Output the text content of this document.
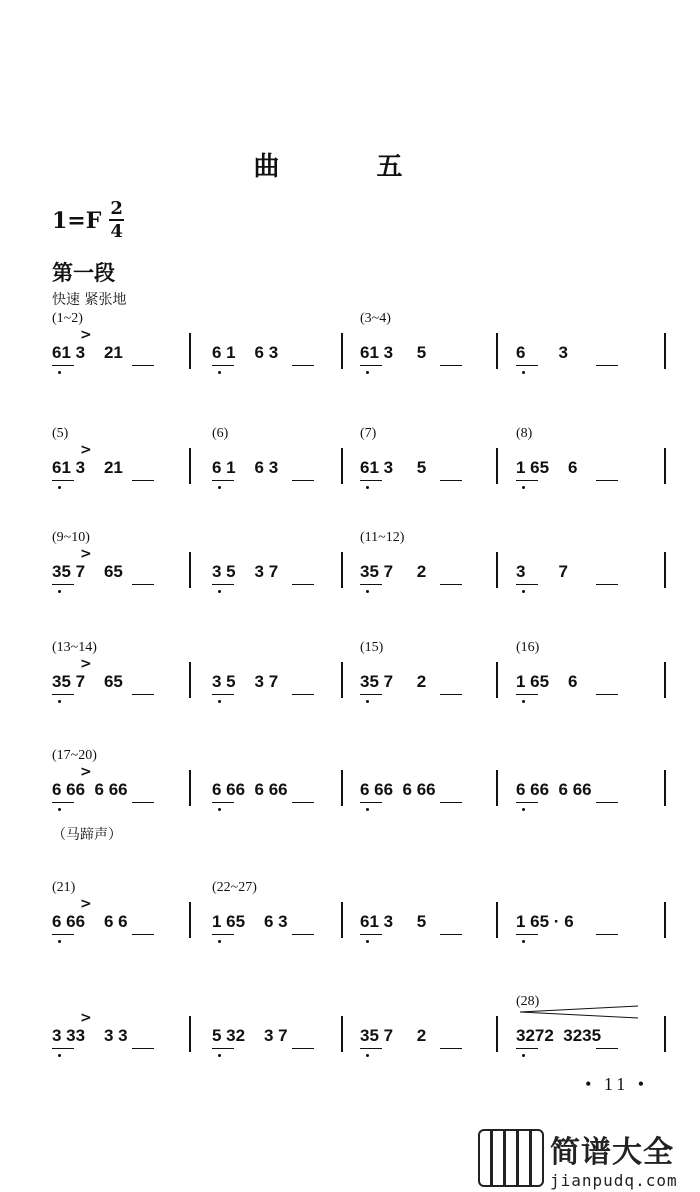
曲 五
$1=F \frac{2}{4}$
第一段
快速 紧张地
(1~2)	(3~4)
61 3    21	6 1    6 3	61 3     5	6       3
>
(5)	(6)	(7)	(8)
61 3    21	6 1    6 3	61 3     5	1 65    6
>
(9~10)	(11~12)
35 7    65	3 5    3 7	35 7     2	3       7
>
(13~14)	(15)	(16)
35 7    65	3 5    3 7	35 7     2	1 65    6
>
(17~20)
6 66  6 66	6 66  6 66	6 66  6 66	6 66  6 66
>
（马蹄声）
(21)	(22~27)
6 66    6 6	1 65    6 3	61 3     5	1 65 · 6
>
(28)
3 33    3 3	5 32    3 7	35 7     2	3272  3235
>
• 11 •
简谱大全
jianpudq.com
